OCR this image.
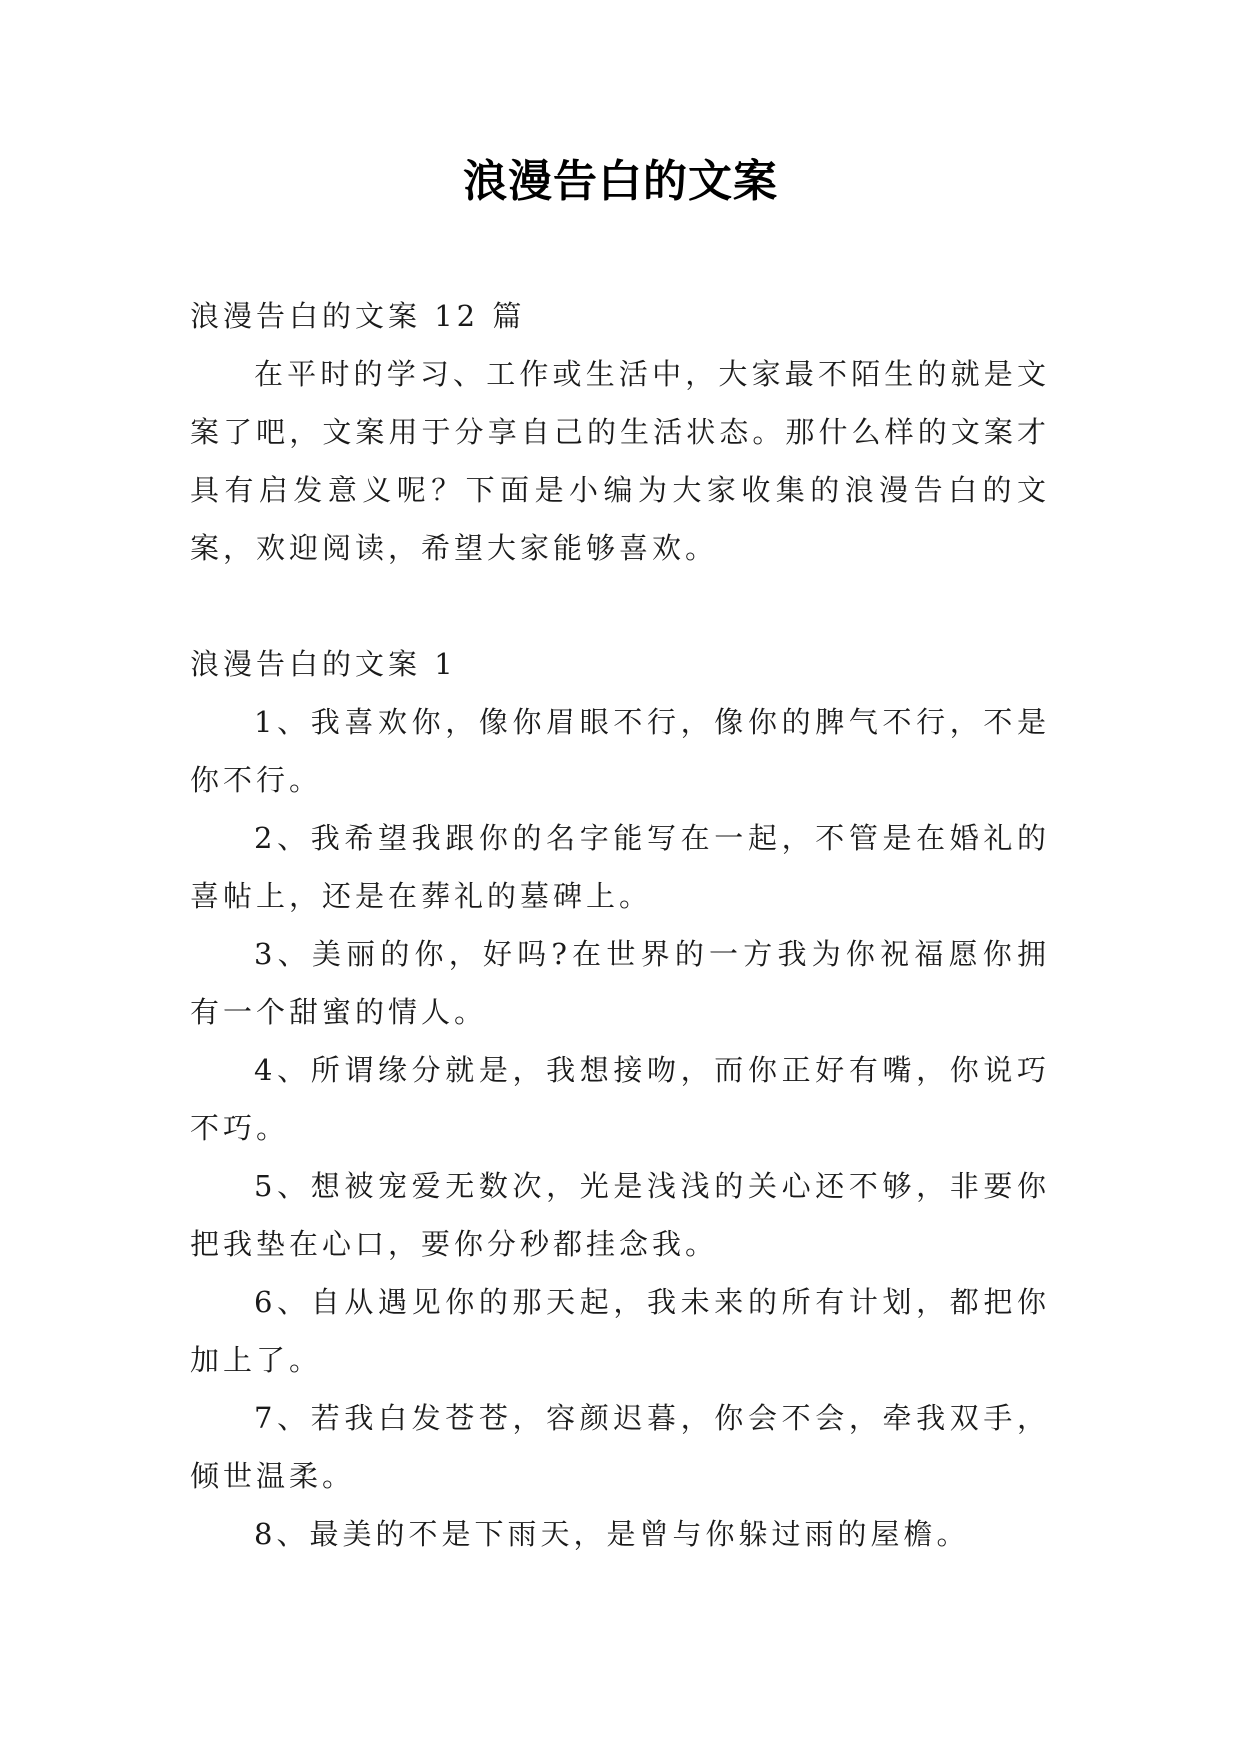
浪漫告白的文案

浪漫告白的文案 12 篇

在平时的学习、工作或生活中，大家最不陌生的就是文案了吧，文案用于分享自己的生活状态。那什么样的文案才具有启发意义呢？下面是小编为大家收集的浪漫告白的文案，欢迎阅读，希望大家能够喜欢。

浪漫告白的文案 1

1、我喜欢你，像你眉眼不行，像你的脾气不行，不是你不行。

2、我希望我跟你的名字能写在一起，不管是在婚礼的喜帖上，还是在葬礼的墓碑上。

3、美丽的你，好吗?在世界的一方我为你祝福愿你拥有一个甜蜜的情人。

4、所谓缘分就是，我想接吻，而你正好有嘴，你说巧不巧。

5、想被宠爱无数次，光是浅浅的关心还不够，非要你把我垫在心口，要你分秒都挂念我。

6、自从遇见你的那天起，我未来的所有计划，都把你加上了。

7、若我白发苍苍，容颜迟暮，你会不会，牵我双手，倾世温柔。

8、最美的不是下雨天，是曾与你躲过雨的屋檐。
